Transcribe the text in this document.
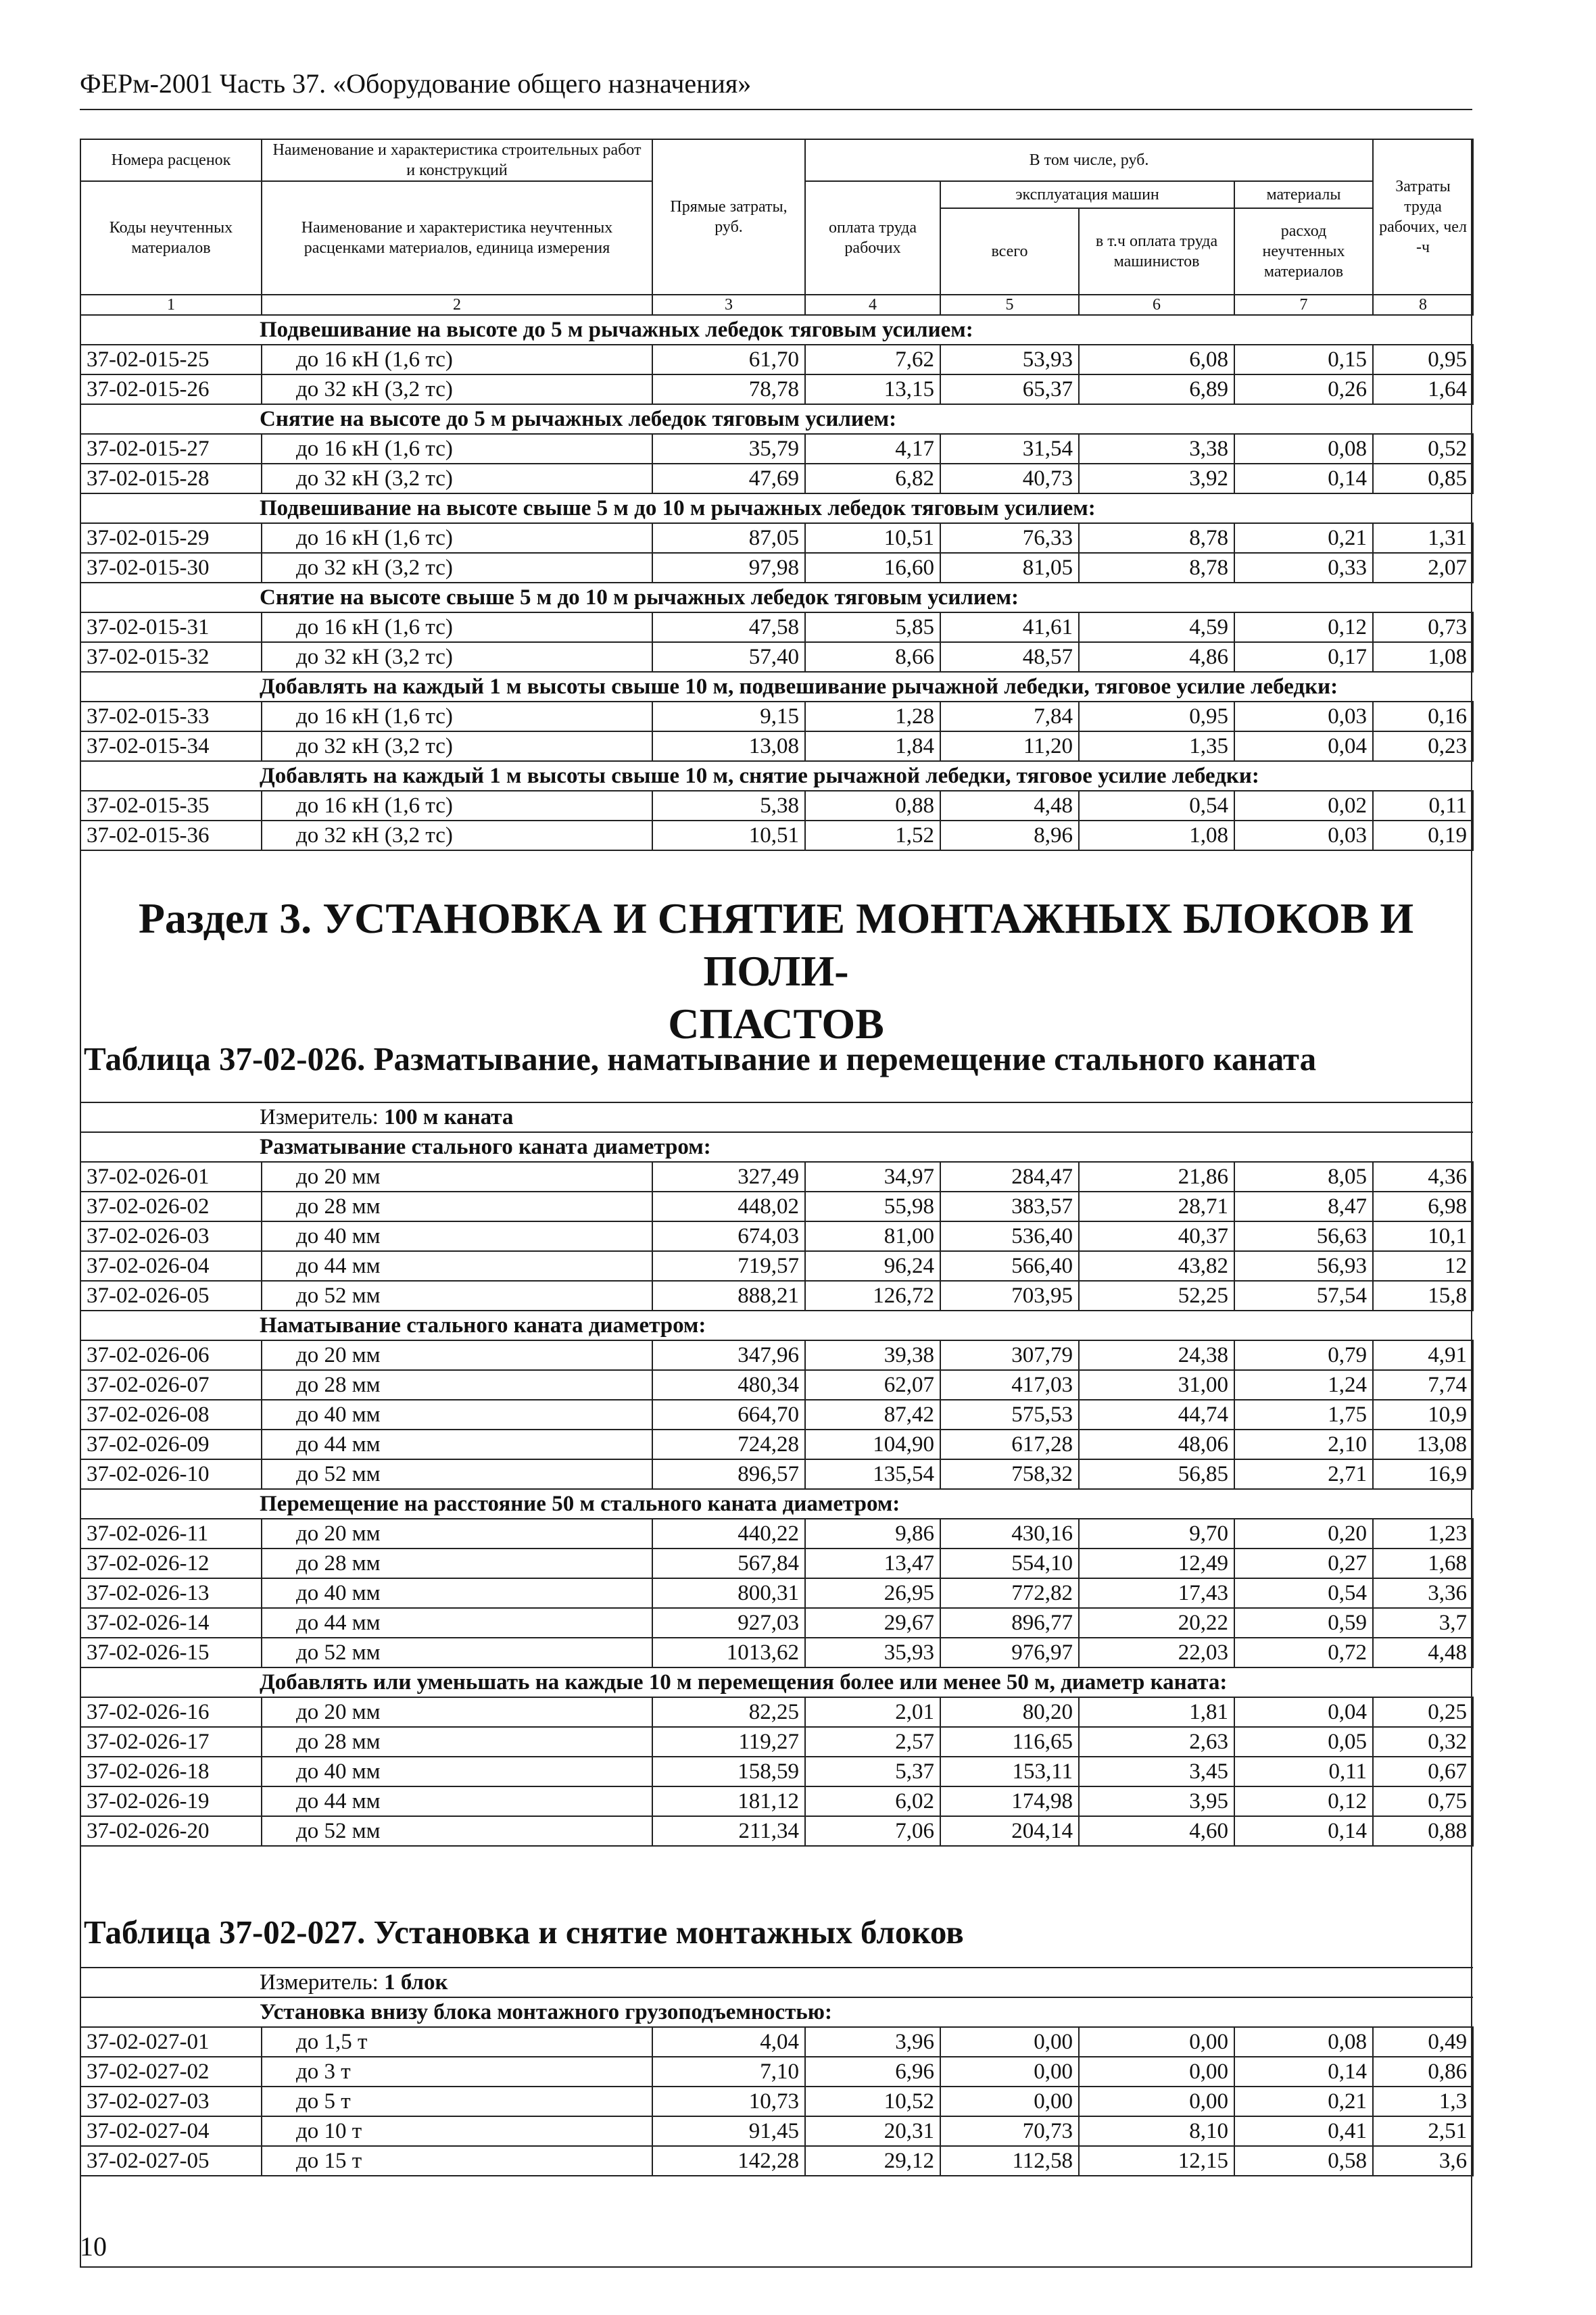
ФЕРм-2001 Часть 37. «Оборудование общего назначения»
Номера расценок	Наименование и характеристика строительных работ и конструкций	Прямые затраты, руб.	В том числе, руб.				Затраты труда рабочих, чел -ч
Коды неучтенных материалов	Наименование и характеристика неучтенных расценками материалов, единица измерения		оплата труда рабочих	эксплуатация машин		материалы	
				всего	в т.ч оплата труда машинистов	расход неучтенных материалов	
1	2	3	4	5	6	7	8
Подвешивание на высоте до 5 м рычажных лебедок тяговым усилием:							
37-02-015-25	до 16 кН (1,6 тс)	61,70	7,62	53,93	6,08	0,15	0,95
37-02-015-26	до 32 кН (3,2 тс)	78,78	13,15	65,37	6,89	0,26	1,64
Снятие на высоте до 5 м рычажных лебедок тяговым усилием:							
37-02-015-27	до 16 кН (1,6 тс)	35,79	4,17	31,54	3,38	0,08	0,52
37-02-015-28	до 32 кН (3,2 тс)	47,69	6,82	40,73	3,92	0,14	0,85
Подвешивание на высоте свыше 5 м до 10 м рычажных лебедок тяговым усилием:							
37-02-015-29	до 16 кН (1,6 тс)	87,05	10,51	76,33	8,78	0,21	1,31
37-02-015-30	до 32 кН (3,2 тс)	97,98	16,60	81,05	8,78	0,33	2,07
Снятие на высоте свыше 5 м до 10 м рычажных лебедок тяговым усилием:							
37-02-015-31	до 16 кН (1,6 тс)	47,58	5,85	41,61	4,59	0,12	0,73
37-02-015-32	до 32 кН (3,2 тс)	57,40	8,66	48,57	4,86	0,17	1,08
Добавлять на каждый 1 м высоты свыше 10 м, подвешивание рычажной лебедки, тяговое усилие лебедки:							
37-02-015-33	до 16 кН (1,6 тс)	9,15	1,28	7,84	0,95	0,03	0,16
37-02-015-34	до 32 кН (3,2 тс)	13,08	1,84	11,20	1,35	0,04	0,23
Добавлять на каждый 1 м высоты свыше 10 м, снятие рычажной лебедки, тяговое усилие лебедки:							
37-02-015-35	до 16 кН (1,6 тс)	5,38	0,88	4,48	0,54	0,02	0,11
37-02-015-36	до 32 кН (3,2 тс)	10,51	1,52	8,96	1,08	0,03	0,19
Раздел 3. УСТАНОВКА И СНЯТИЕ МОНТАЖНЫХ БЛОКОВ И ПОЛИ-
СПАСТОВ
Таблица 37-02-026. Разматывание, наматывание и перемещение стального каната
Измеритель: 100 м каната							
Разматывание стального каната диаметром:							
37-02-026-01	до 20 мм	327,49	34,97	284,47	21,86	8,05	4,36
37-02-026-02	до 28 мм	448,02	55,98	383,57	28,71	8,47	6,98
37-02-026-03	до 40 мм	674,03	81,00	536,40	40,37	56,63	10,1
37-02-026-04	до 44 мм	719,57	96,24	566,40	43,82	56,93	12
37-02-026-05	до 52 мм	888,21	126,72	703,95	52,25	57,54	15,8
Наматывание стального каната диаметром:							
37-02-026-06	до 20 мм	347,96	39,38	307,79	24,38	0,79	4,91
37-02-026-07	до 28 мм	480,34	62,07	417,03	31,00	1,24	7,74
37-02-026-08	до 40 мм	664,70	87,42	575,53	44,74	1,75	10,9
37-02-026-09	до 44 мм	724,28	104,90	617,28	48,06	2,10	13,08
37-02-026-10	до 52 мм	896,57	135,54	758,32	56,85	2,71	16,9
Перемещение на расстояние 50 м стального каната диаметром:							
37-02-026-11	до 20 мм	440,22	9,86	430,16	9,70	0,20	1,23
37-02-026-12	до 28 мм	567,84	13,47	554,10	12,49	0,27	1,68
37-02-026-13	до 40 мм	800,31	26,95	772,82	17,43	0,54	3,36
37-02-026-14	до 44 мм	927,03	29,67	896,77	20,22	0,59	3,7
37-02-026-15	до 52 мм	1013,62	35,93	976,97	22,03	0,72	4,48
Добавлять или уменьшать на каждые 10 м перемещения более или менее 50 м, диаметр каната:							
37-02-026-16	до 20 мм	82,25	2,01	80,20	1,81	0,04	0,25
37-02-026-17	до 28 мм	119,27	2,57	116,65	2,63	0,05	0,32
37-02-026-18	до 40 мм	158,59	5,37	153,11	3,45	0,11	0,67
37-02-026-19	до 44 мм	181,12	6,02	174,98	3,95	0,12	0,75
37-02-026-20	до 52 мм	211,34	7,06	204,14	4,60	0,14	0,88
Таблица 37-02-027. Установка и снятие монтажных блоков
Измеритель: 1 блок							
Установка внизу блока монтажного грузоподъемностью:							
37-02-027-01	до 1,5 т	4,04	3,96	0,00	0,00	0,08	0,49
37-02-027-02	до 3 т	7,10	6,96	0,00	0,00	0,14	0,86
37-02-027-03	до 5 т	10,73	10,52	0,00	0,00	0,21	1,3
37-02-027-04	до 10 т	91,45	20,31	70,73	8,10	0,41	2,51
37-02-027-05	до 15 т	142,28	29,12	112,58	12,15	0,58	3,6
10
